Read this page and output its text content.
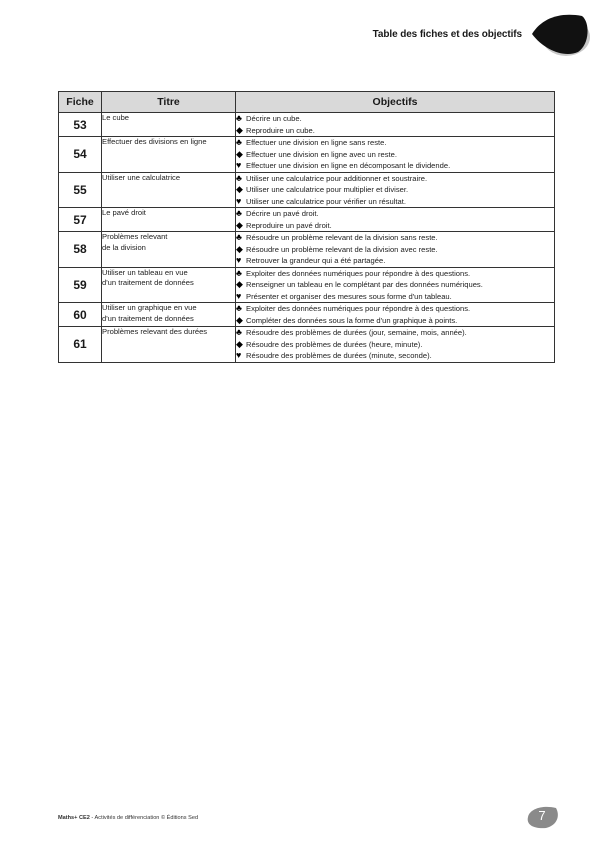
Table des fiches et des objectifs
Fiche	Titre	Objectifs
53	Le cube	♣ Décrire un cube.
◆ Reproduire un cube.

54	Effectuer des divisions en ligne	♣ Effectuer une division en ligne sans reste.
◆ Effectuer une division en ligne avec un reste.
♥ Effectuer une division en ligne en décomposant le dividende.

55	Utiliser une calculatrice	♣ Utiliser une calculatrice pour additionner et soustraire.
◆ Utiliser une calculatrice pour multiplier et diviser.
♥ Utiliser une calculatrice pour vérifier un résultat.

57	Le pavé droit	♣ Décrire un pavé droit.
◆ Reproduire un pavé droit.

58	Problèmes relevant
de la division	♣ Résoudre un problème relevant de la division sans reste.
◆ Résoudre un problème relevant de la division avec reste.
♥ Retrouver la grandeur qui a été partagée.

59	Utiliser un tableau en vue
d'un traitement de données	♣ Exploiter des données numériques pour répondre à des questions.
◆ Renseigner un tableau en le complétant par des données numériques.
♥ Présenter et organiser des mesures sous forme d'un tableau.

60	Utiliser un graphique en vue
d'un traitement de données	♣ Exploiter des données numériques pour répondre à des questions.
◆ Compléter des données sous la forme d'un graphique à points.

61	Problèmes relevant des durées	♣ Résoudre des problèmes de durées (jour, semaine, mois, année).
◆ Résoudre des problèmes de durées (heure, minute).
♥ Résoudre des problèmes de durées (minute, seconde).
Maths+ CE2 - Activités de différenciation © Éditions Sed	7
